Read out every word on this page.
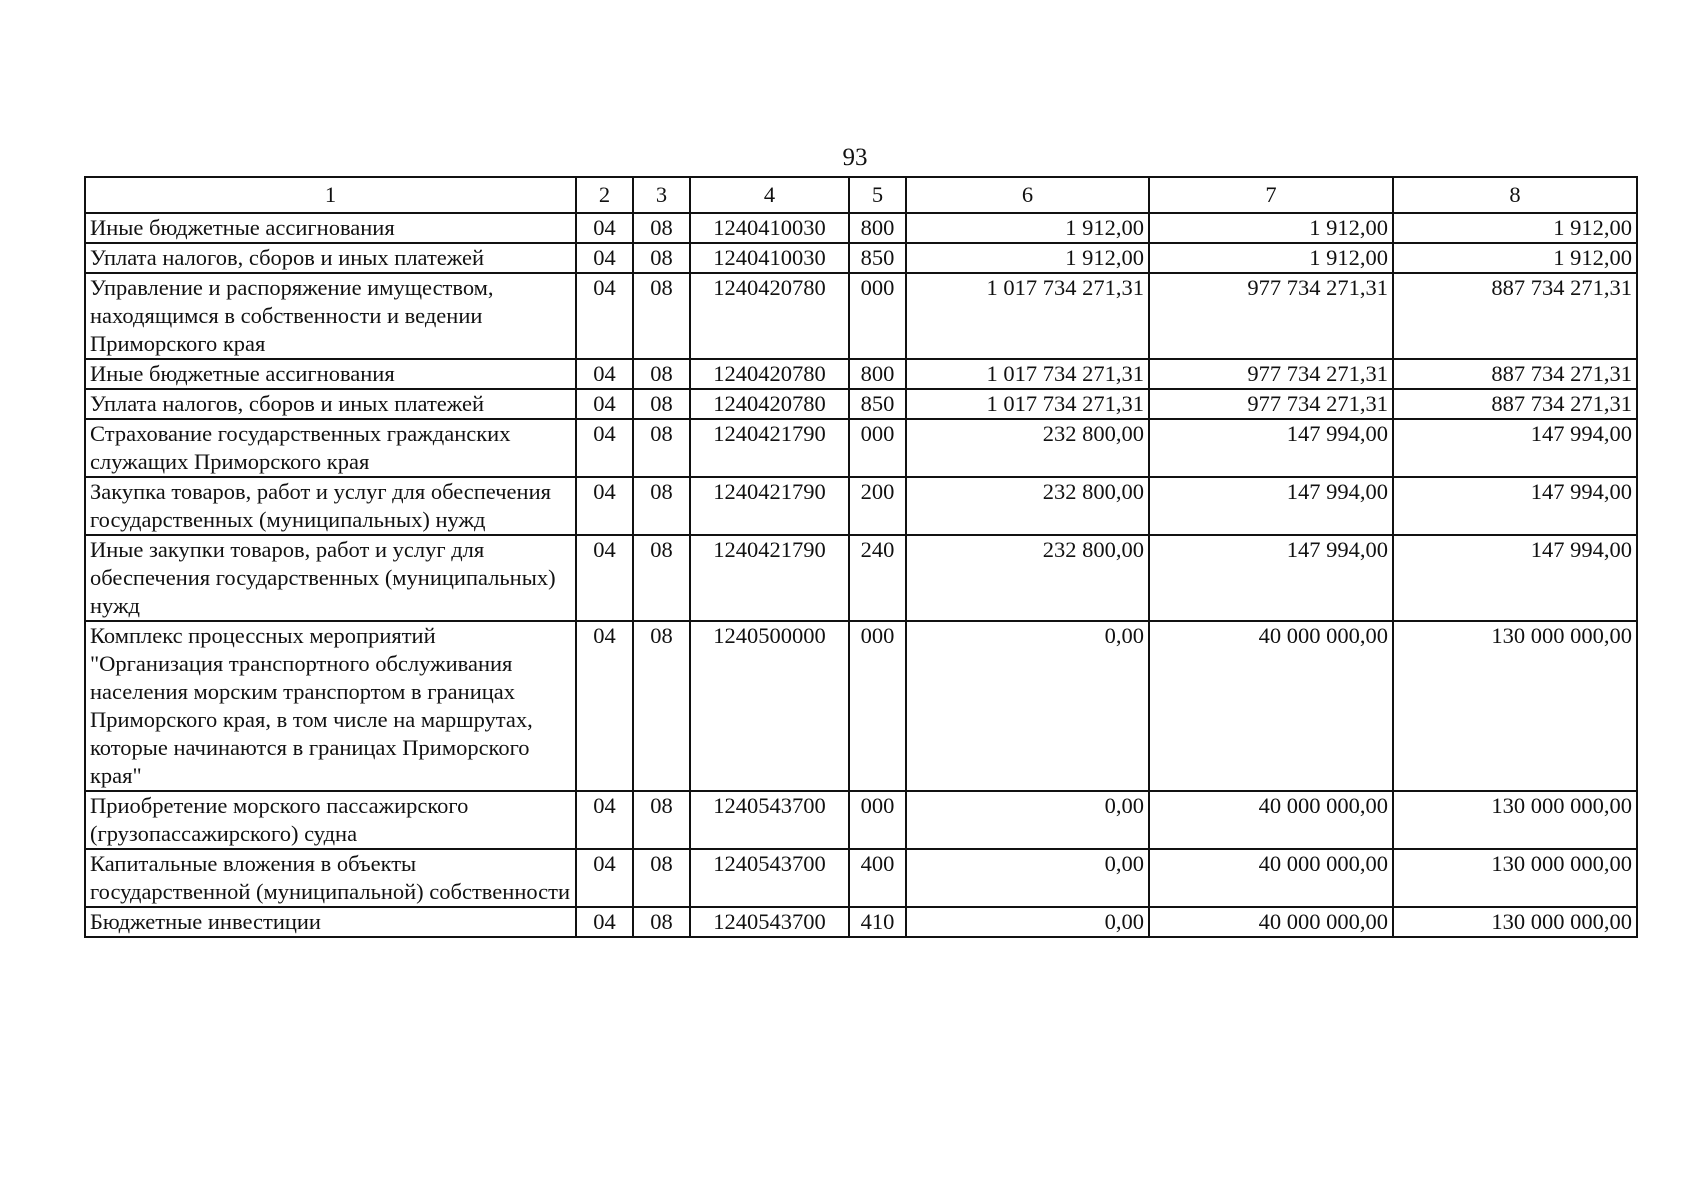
93
1	2	3	4	5	6	7	8
Иные бюджетные ассигнования	04	08	1240410030	800	1 912,00	1 912,00	1 912,00
Уплата налогов, сборов и иных платежей	04	08	1240410030	850	1 912,00	1 912,00	1 912,00
Управление и распоряжение имуществом, находящимся в собственности и ведении Приморского края	04	08	1240420780	000	1 017 734 271,31	977 734 271,31	887 734 271,31
Иные бюджетные ассигнования	04	08	1240420780	800	1 017 734 271,31	977 734 271,31	887 734 271,31
Уплата налогов, сборов и иных платежей	04	08	1240420780	850	1 017 734 271,31	977 734 271,31	887 734 271,31
Страхование государственных гражданских служащих Приморского края	04	08	1240421790	000	232 800,00	147 994,00	147 994,00
Закупка товаров, работ и услуг для обеспечения государственных (муниципальных) нужд	04	08	1240421790	200	232 800,00	147 994,00	147 994,00
Иные закупки товаров, работ и услуг для обеспечения государственных (муниципальных) нужд	04	08	1240421790	240	232 800,00	147 994,00	147 994,00
Комплекс процессных мероприятий "Организация транспортного обслуживания населения морским транспортом в границах Приморского края, в том числе на маршрутах, которые начинаются в границах Приморского края"	04	08	1240500000	000	0,00	40 000 000,00	130 000 000,00
Приобретение морского пассажирского (грузопассажирского) судна	04	08	1240543700	000	0,00	40 000 000,00	130 000 000,00
Капитальные вложения в объекты государственной (муниципальной) собственности	04	08	1240543700	400	0,00	40 000 000,00	130 000 000,00
Бюджетные инвестиции	04	08	1240543700	410	0,00	40 000 000,00	130 000 000,00
